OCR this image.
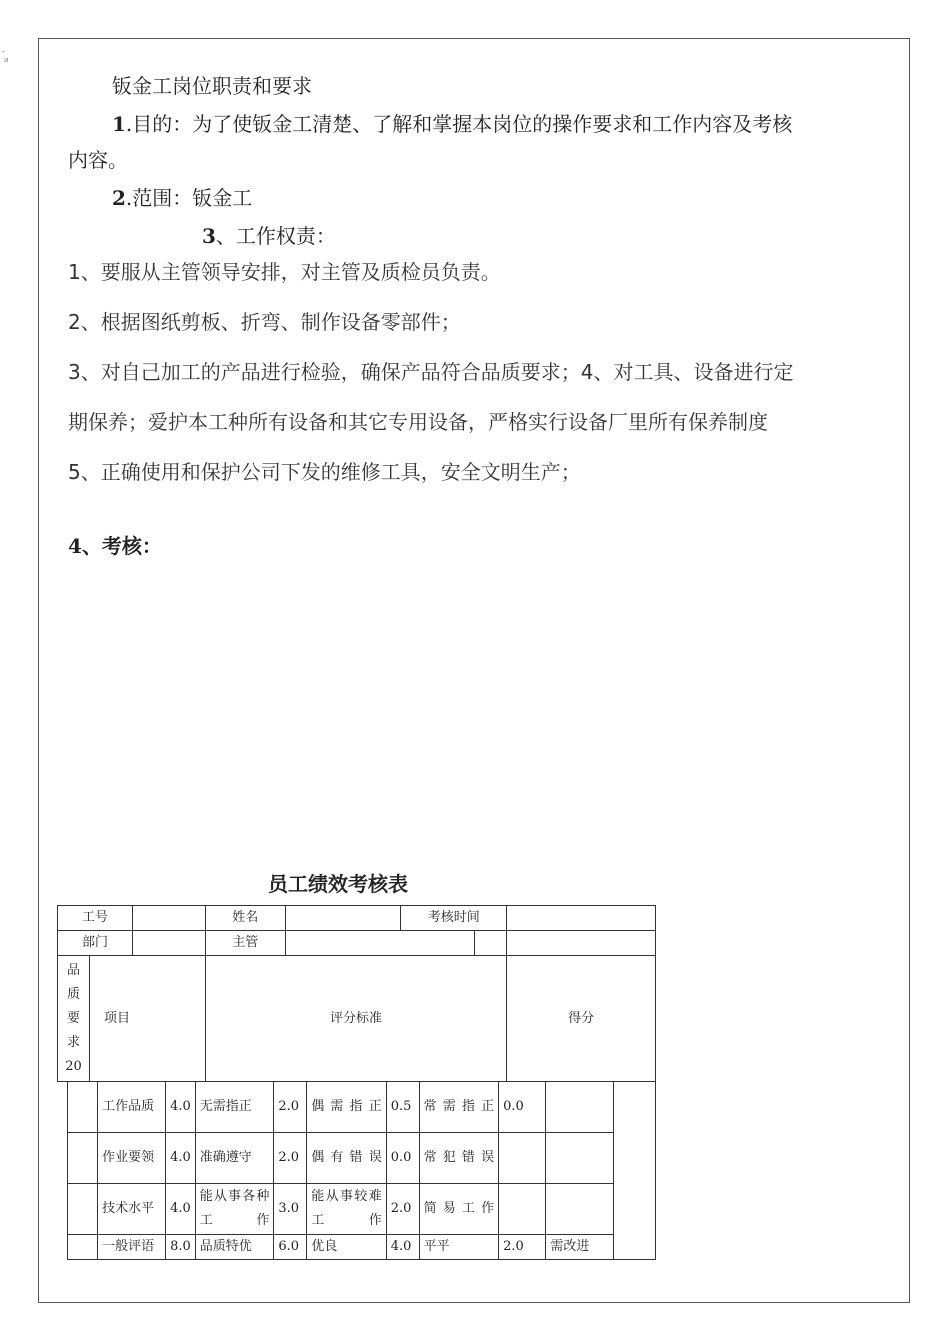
-
ョ
钣金工岗位职责和要求
1.目的：为了使钣金工清楚、了解和掌握本岗位的操作要求和工作内容及考核
内容。
2.范围：钣金工
3、工作权责：
1、要服从主管领导安排，对主管及质检员负责。
2、根据图纸剪板、折弯、制作设备零部件；
3、对自己加工的产品进行检验，确保产品符合品质要求；4、对工具、设备进行定
期保养；爱护本工种所有设备和其它专用设备，严格实行设备厂里所有保养制度
5、正确使用和保护公司下发的维修工具，安全文明生产；
4、考核：
员工绩效考核表
工号			姓名		考核时间		
部门			主管				

品
质
要
求
20	项目		评分标准				得分
	工作品质	4.0	无需指正	2.0	偶需指正	0.5	常需指正	0.0		
	作业要领	4.0	准确遵守	2.0	偶有错误	0.0	常犯错误			
	技术水平	4.0	能从事各种工作	3.0	能从事较难工作	2.0	简易工作			
	一般评语	8.0	品质特优	6.0	优良	4.0	平平	2.0	需改进	
